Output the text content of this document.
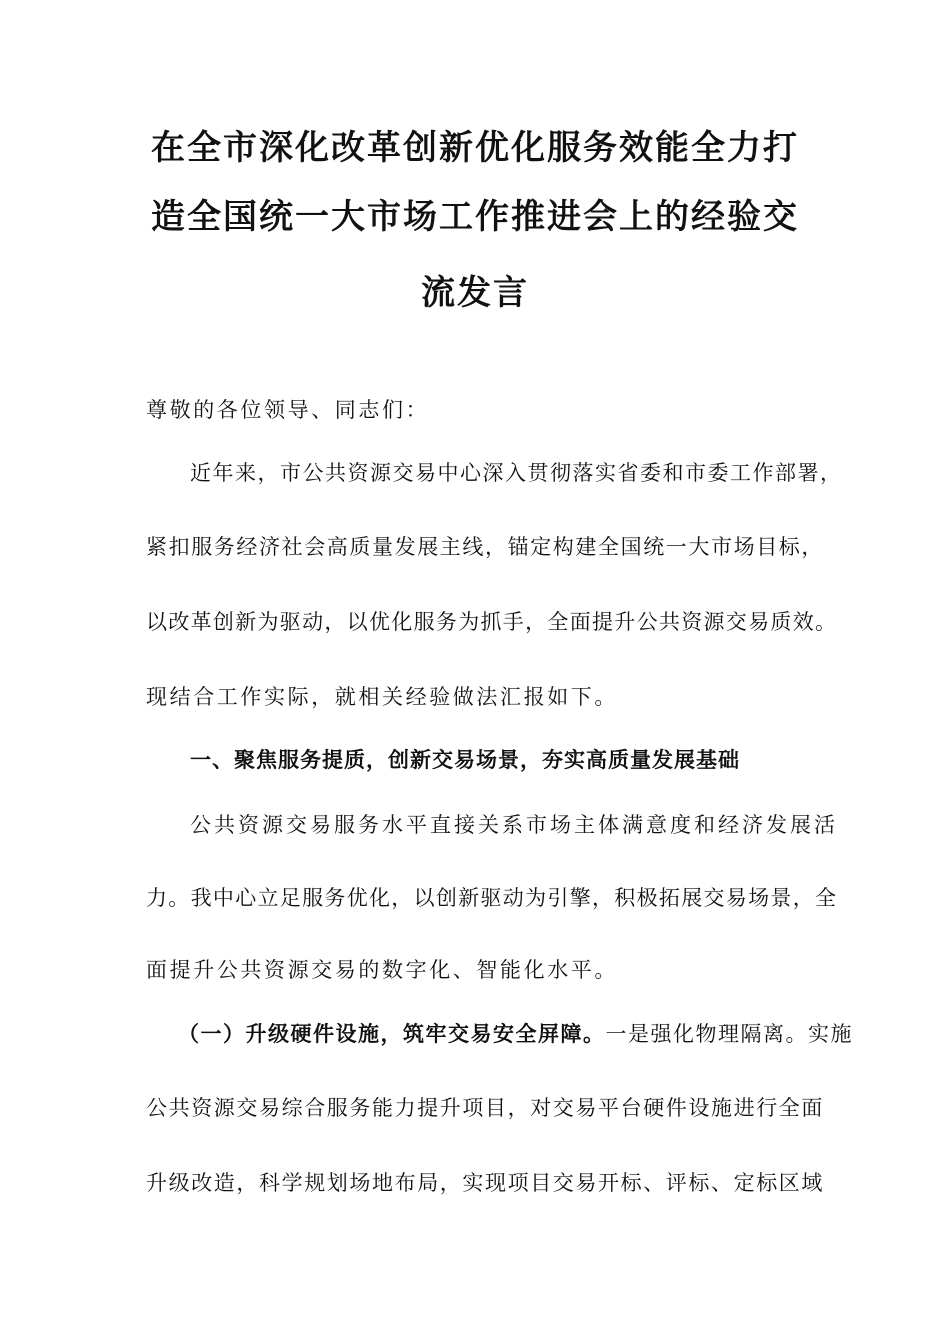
在全市深化改革创新优化服务效能全力打
造全国统一大市场工作推进会上的经验交
流发言
尊敬的各位领导、同志们：
近年来，市公共资源交易中心深入贯彻落实省委和市委工作部署，
紧扣服务经济社会高质量发展主线，锚定构建全国统一大市场目标，
以改革创新为驱动，以优化服务为抓手，全面提升公共资源交易质效。
现结合工作实际，就相关经验做法汇报如下。
一、聚焦服务提质，创新交易场景，夯实高质量发展基础
公共资源交易服务水平直接关系市场主体满意度和经济发展活
力。我中心立足服务优化，以创新驱动为引擎，积极拓展交易场景，全
面提升公共资源交易的数字化、智能化水平。
（一）升级硬件设施，筑牢交易安全屏障。一是强化物理隔离。实施
公共资源交易综合服务能力提升项目，对交易平台硬件设施进行全面
升级改造，科学规划场地布局，实现项目交易开标、评标、定标区域
